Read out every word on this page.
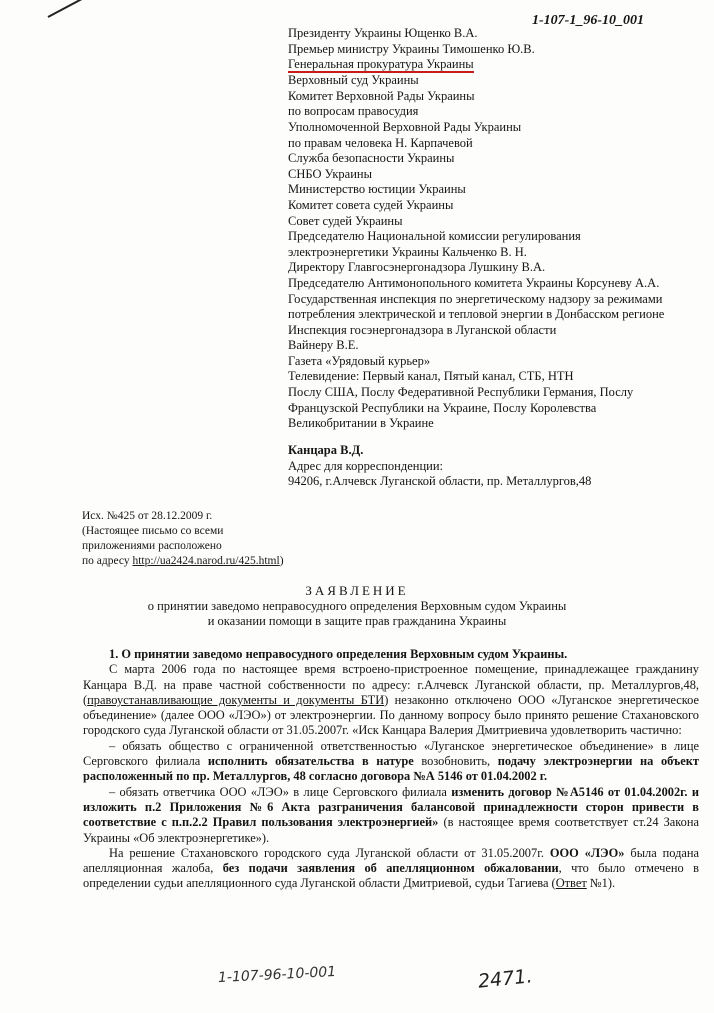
1-107-1_96-10_001
Президенту Украины Ющенко В.А.
Премьер министру Украины Тимошенко Ю.В.
Генеральная прокуратура Украины
Верховный суд Украины
Комитет Верховной Рады Украины
по вопросам правосудия
Уполномоченной Верховной Рады Украины
по правам человека Н. Карпачевой
Служба безопасности Украины
СНБО Украины
Министерство юстиции Украины
Комитет совета судей Украины
Совет судей Украины
Председателю Национальной комиссии регулирования
электроэнергетики Украины Кальченко В. Н.
Директору Главгосэнергонадзора Лушкину В.А.
Председателю Антимонопольного комитета Украины Корсуневу А.А.
Государственная инспекция по энергетическому надзору за режимами
потребления электрической и тепловой энергии в Донбасском регионе
Инспекция госэнергонадзора в Луганской области
Вайнеру В.Е.
Газета «Урядовый курьер»
Телевидение: Первый канал, Пятый канал, СТБ, НТН
Послу США, Послу Федеративной Республики Германия, Послу
Французской Республики на Украине, Послу Королевства
Великобритании в Украине
Канцара В.Д.
Адрес для корреспонденции:
94206, г.Алчевск Луганской области, пр. Металлургов,48
Исх. №425 от 28.12.2009 г.
(Настоящее письмо со всеми
приложениями расположено
по адресу http://ua2424.narod.ru/425.html)
ЗАЯВЛЕНИЕ
о принятии заведомо неправосудного определения Верховным судом Украины
и оказании помощи в защите прав гражданина Украины

1. О принятии заведомо неправосудного определения Верховным судом Украины.

С марта 2006 года по настоящее время встроено-пристроенное помещение, принадлежащее гражданину Канцара В.Д. на праве частной собственности по адресу: г.Алчевск Луганской области, пр. Металлургов,48, (правоустанавливающие документы и документы БТИ) незаконно отключено ООО «Луганское энергетическое объединение» (далее ООО «ЛЭО») от электроэнергии. По данному вопросу было принято решение Стахановского городского суда Луганской области от 31.05.2007г. «Иск Канцара Валерия Дмитриевича удовлетворить частично:

– обязать общество с ограниченной ответственностью «Луганское энергетическое объединение» в лице Серговского филиала исполнить обязательства в натуре возобновить, подачу электроэнергии на объект расположенный по пр. Металлургов, 48 согласно договора №А 5146 от 01.04.2002 г.

– обязать ответчика ООО «ЛЭО» в лице Серговского филиала изменить договор №А5146 от 01.04.2002г. и изложить п.2 Приложения №6 Акта разграничения балансовой принадлежности сторон привести в соответствие с п.п.2.2 Правил пользования электроэнергией» (в настоящее время соответствует ст.24 Закона Украины «Об электроэнергетике»).

На решение Стахановского городского суда Луганской области от 31.05.2007г. ООО «ЛЭО» была подана апелляционная жалоба, без подачи заявления об апелляционном обжаловании, что было отмечено в определении судьи апелляционного суда Луганской области Дмитриевой, судьи Тагиева (Ответ №1).

1-107-96-10-001	2471.
